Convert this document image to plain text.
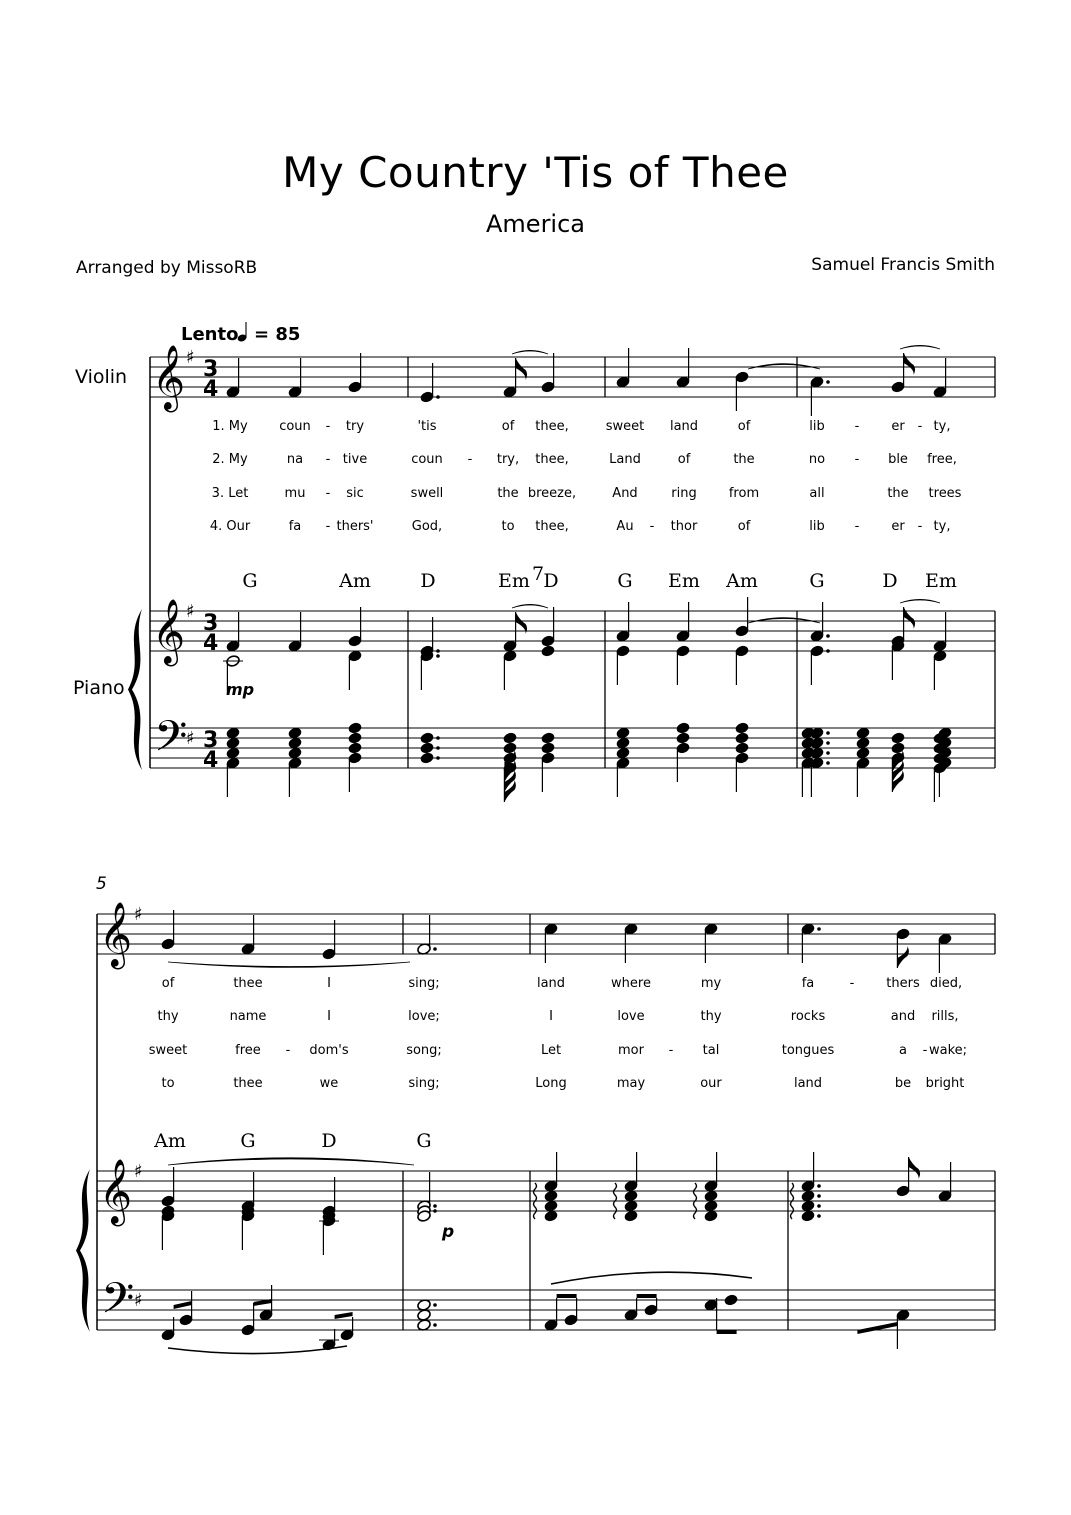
My Country 'Tis of Thee
America
Arranged by MissoRB	Samuel Francis Smith
𝄞
𝄞
𝄢
♯
♯
♯
3
4
3
4
3
4
1. My coun - try	'tis	of thee,	sweet land	of	lib - er - ty,
2. My	na - tive	coun - try, thee,	Land	of	the	no - ble free,
3. Let	mu - sic	swell	the breeze,	And	ring from	all	the trees
4. Our	fa - thers'	God,	to thee,	Au - thor	of	lib - er - ty,
G	Am	D	Em 7 D	G Em Am	G	D Em
𝄞
𝄞
𝄢
♯
♯
♯
of	thee	I	sing;	land	where	my	fa	- thers died,
thy	name	I	love;	I	love	thy	rocks	and rills,
sweet	free - dom's	song;	Let	mor - tal	tongues	a - wake;
to	thee	we	sing;	Long	may	our	land	be bright
Am	G	D	G
Lento = 85
Violin
Piano
5
mp
p
